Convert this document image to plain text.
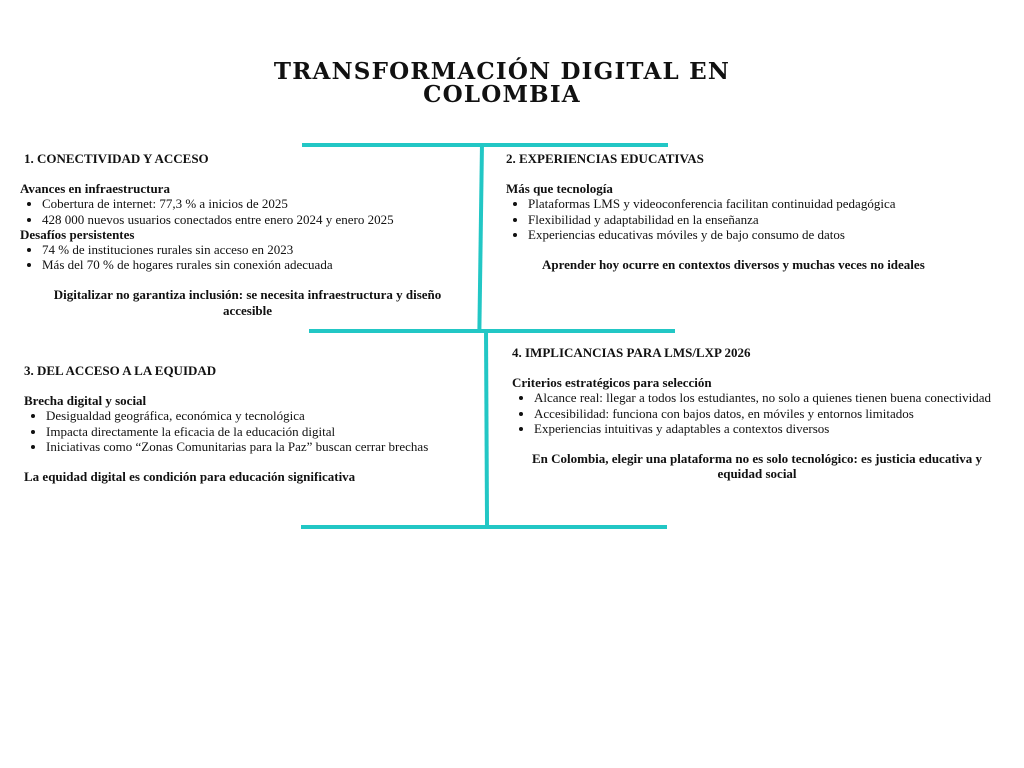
TRANSFORMACIÓN DIGITAL EN COLOMBIA
1. CONECTIVIDAD Y ACCESO
Avances en infraestructura
• Cobertura de internet: 77,3 % a inicios de 2025
• 428 000 nuevos usuarios conectados entre enero 2024 y enero 2025
Desafíos persistentes
• 74 % de instituciones rurales sin acceso en 2023
• Más del 70 % de hogares rurales sin conexión adecuada
Digitalizar no garantiza inclusión: se necesita infraestructura y diseño accesible
2. EXPERIENCIAS EDUCATIVAS
Más que tecnología
• Plataformas LMS y videoconferencia facilitan continuidad pedagógica
• Flexibilidad y adaptabilidad en la enseñanza
• Experiencias educativas móviles y de bajo consumo de datos
Aprender hoy ocurre en contextos diversos y muchas veces no ideales
3. DEL ACCESO A LA EQUIDAD
Brecha digital y social
• Desigualdad geográfica, económica y tecnológica
• Impacta directamente la eficacia de la educación digital
• Iniciativas como “Zonas Comunitarias para la Paz” buscan cerrar brechas
La equidad digital es condición para educación significativa
4. IMPLICANCIAS PARA LMS/LXP 2026
Criterios estratégicos para selección
• Alcance real: llegar a todos los estudiantes, no solo a quienes tienen buena conectividad
• Accesibilidad: funciona con bajos datos, en móviles y entornos limitados
• Experiencias intuitivas y adaptables a contextos diversos
En Colombia, elegir una plataforma no es solo tecnológico: es justicia educativa y equidad social
